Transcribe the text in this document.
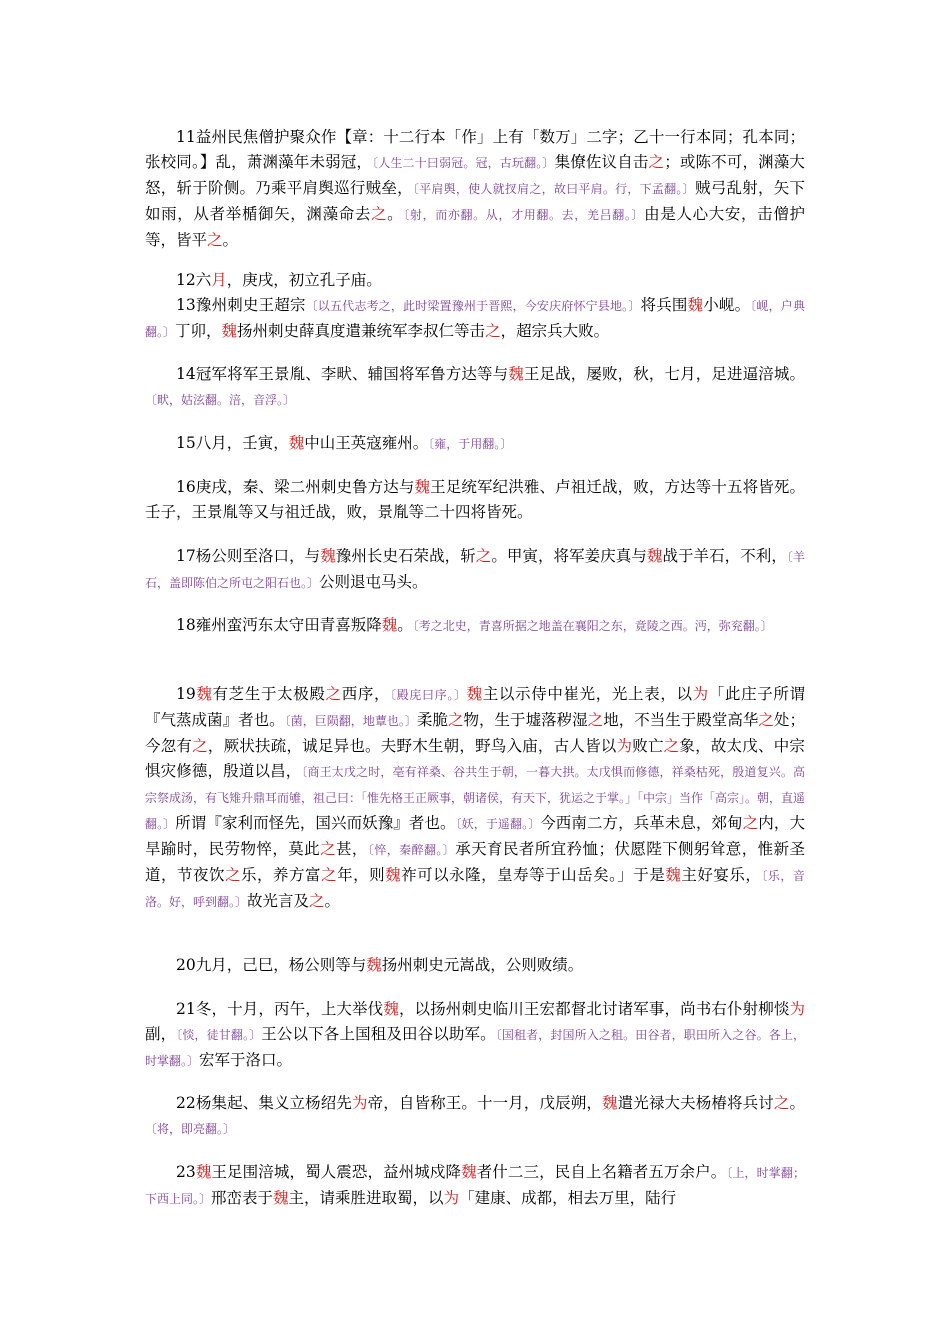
11益州民焦僧护聚众作【章：十二行本「作」上有「数万」二字；乙十一行本同；孔本同；张校同。】乱，萧渊藻年未弱冠，〔人生二十曰弱冠。冠，古玩翻。〕集僚佐议自击之；或陈不可，渊藻大怒，斩于阶侧。乃乘平肩舆巡行贼垒，〔平肩舆，使人就扠肩之，故曰平肩。行，下孟翻。〕贼弓乱射，矢下如雨，从者举楯御矢，渊藻命去之。〔射，而亦翻。从，才用翻。去，羌吕翻。〕由是人心大安，击僧护等，皆平之。

12六月，庚戌，初立孔子庙。

13豫州刺史王超宗〔以五代志考之，此时梁置豫州于晋熙，今安庆府怀宁县地。〕将兵围魏小岘。〔岘，户典翻。〕丁卯，魏扬州刺史薛真度遣兼统军李叔仁等击之，超宗兵大败。

14冠军将军王景胤、李畎、辅国将军鲁方达等与魏王足战，屡败，秋，七月，足进逼涪城。〔畎，姑泫翻。涪，音浮。〕

15八月，壬寅，魏中山王英寇雍州。〔雍，于用翻。〕

16庚戌，秦、梁二州刺史鲁方达与魏王足统军纪洪雅、卢祖迁战，败，方达等十五将皆死。壬子，王景胤等又与祖迁战，败，景胤等二十四将皆死。

17杨公则至洛口，与魏豫州长史石荣战，斩之。甲寅，将军姜庆真与魏战于羊石，不利，〔羊石，盖即陈伯之所屯之阳石也。〕公则退屯马头。

18雍州蛮沔东太守田青喜叛降魏。〔考之北史，青喜所据之地盖在襄阳之东，竟陵之西。沔，弥兖翻。〕

19魏有芝生于太极殿之西序，〔殿庑曰序。〕魏主以示侍中崔光，光上表，以为「此庄子所谓『气蒸成菌』者也。〔菌，巨陨翻，地蕈也。〕柔脆之物，生于墟落秽湿之地，不当生于殿堂高华之处；今忽有之，厥状扶疏，诚足异也。夫野木生朝，野鸟入庙，古人皆以为败亡之象，故太戊、中宗惧灾修德，殷道以昌，〔商王太戊之时，亳有祥桑、谷共生于朝，一暮大拱。太戊惧而修德，祥桑枯死，殷道复兴。高宗祭成汤，有飞雉升鼎耳而雊，祖己曰：「惟先格王正厥事，朝诸侯，有天下，犹运之于掌。」「中宗」当作「高宗」。朝，直遥翻。〕所谓『家利而怪先，国兴而妖豫』者也。〔妖，于遥翻。〕今西南二方，兵革未息，郊甸之内，大旱踰时，民劳物悴，莫此之甚，〔悴，秦醉翻。〕承天育民者所宜矜恤；伏愿陛下侧躬耸意，惟新圣道，节夜饮之乐，养方富之年，则魏祚可以永隆，皇寿等于山岳矣。」于是魏主好宴乐，〔乐，音洛。好，呼到翻。〕故光言及之。

20九月，己巳，杨公则等与魏扬州刺史元嵩战，公则败绩。

21冬，十月，丙午，上大举伐魏，以扬州刺史临川王宏都督北讨诸军事，尚书右仆射柳惔为副，〔惔，徒甘翻。〕王公以下各上国租及田谷以助军。〔国租者，封国所入之租。田谷者，职田所入之谷。各上，时掌翻。〕宏军于洛口。

22杨集起、集义立杨绍先为帝，自皆称王。十一月，戊辰朔，魏遣光禄大夫杨椿将兵讨之。〔将，即亮翻。〕

23魏王足围涪城，蜀人震恐，益州城戍降魏者什二三，民自上名籍者五万余户。〔上，时掌翻；下西上同。〕邢峦表于魏主，请乘胜进取蜀，以为「建康、成都，相去万里，陆行
